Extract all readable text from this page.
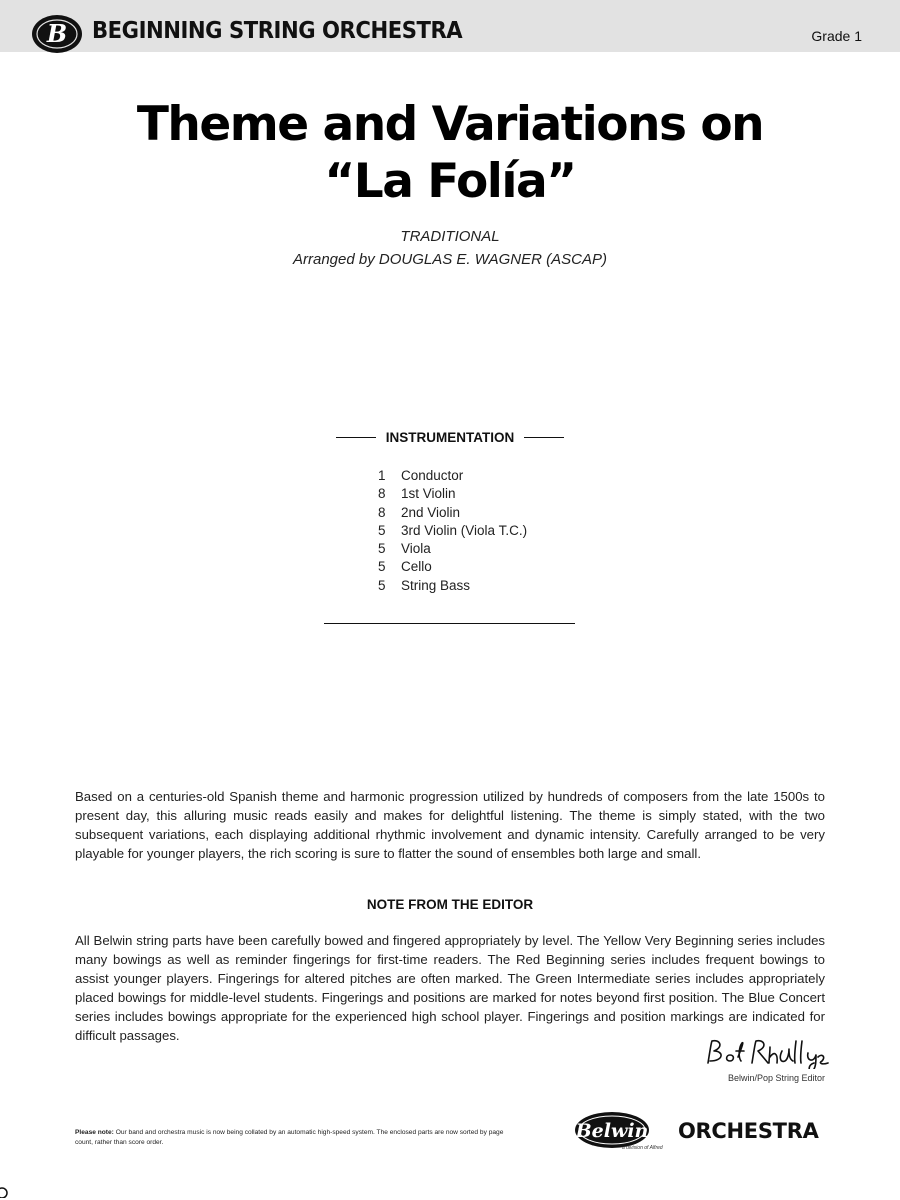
B BEGINNING STRING ORCHESTRA	Grade 1
Theme and Variations on
“La Folía”
TRADITIONAL
Arranged by DOUGLAS E. WAGNER (ASCAP)
INSTRUMENTATION
1	Conductor
8	1st Violin
8	2nd Violin
5	3rd Violin (Viola T.C.)
5	Viola
5	Cello
5	String Bass

Based on a centuries-old Spanish theme and harmonic progression utilized by hundreds of composers from the late 1500s to present day, this alluring music reads easily and makes for delightful listening. The theme is simply stated, with the two subsequent variations, each displaying additional rhythmic involvement and dynamic intensity. Carefully arranged to be very playable for younger players, the rich scoring is sure to flatter the sound of ensembles both large and small.

NOTE FROM THE EDITOR

All Belwin string parts have been carefully bowed and fingered appropriately by level. The Yellow Very Beginning series includes many bowings as well as reminder fingerings for first-time readers. The Red Beginning series includes frequent bowings to assist younger players. Fingerings for altered pitches are often marked. The Green Intermediate series includes appropriately placed bowings for middle-level students. Fingerings and positions are marked for notes beyond first position. The Blue Concert series includes bowings appropriate for the experienced high school player. Fingerings and position markings are indicated for difficult passages.

Belwin/Pop String Editor
Please note: Our band and orchestra music is now being collated by an automatic high-speed system. The enclosed parts are now sorted by page count, rather than score order.
Belwin ORCHESTRA
a division of Alfred
